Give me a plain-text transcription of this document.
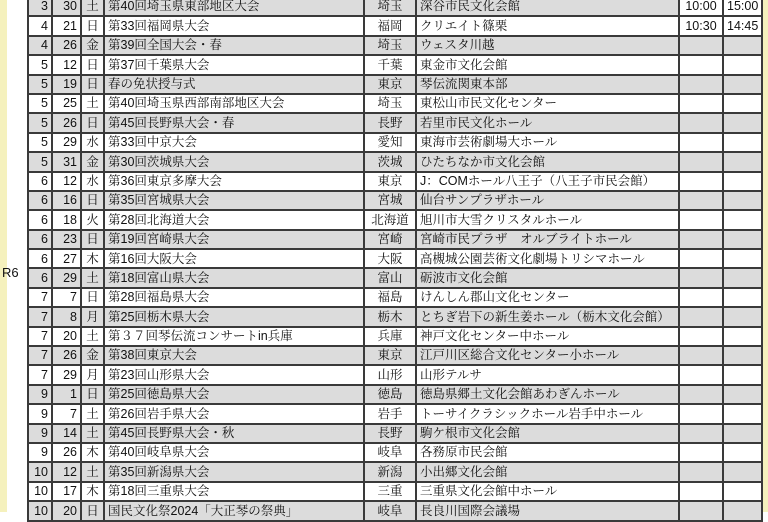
R6
3	30	土	第40回埼玉県東部地区大会	埼玉	深谷市民文化会館	10:00	15:00
4	21	日	第33回福岡県大会	福岡	クリエイト篠栗	10:30	14:45
4	26	金	第39回全国大会・春	埼玉	ウェスタ川越		
5	12	日	第37回千葉県大会	千葉	東金市文化会館		
5	19	日	春の免状授与式	東京	琴伝流関東本部		
5	25	土	第40回埼玉県西部南部地区大会	埼玉	東松山市民文化センター		
5	26	日	第45回長野県大会・春	長野	若里市民文化ホール		
5	29	水	第33回中京大会	愛知	東海市芸術劇場大ホール		
5	31	金	第30回茨城県大会	茨城	ひたちなか市文化会館		
6	12	水	第36回東京多摩大会	東京	J：COMホール八王子（八王子市民会館）		
6	16	日	第35回宮城県大会	宮城	仙台サンプラザホール		
6	18	火	第28回北海道大会	北海道	旭川市大雪クリスタルホール		
6	23	日	第19回宮崎県大会	宮崎	宮崎市民プラザ　オルブライトホール		
6	27	木	第16回大阪大会	大阪	高槻城公園芸術文化劇場トリシマホール		
6	29	土	第18回富山県大会	富山	砺波市文化会館		
7	7	日	第28回福島県大会	福島	けんしん郡山文化センター		
7	8	月	第25回栃木県大会	栃木	とちぎ岩下の新生姜ホール（栃木文化会館）		
7	20	土	第３７回琴伝流コンサートin兵庫	兵庫	神戸文化センター中ホール		
7	26	金	第38回東京大会	東京	江戸川区総合文化センター小ホール		
7	29	月	第23回山形県大会	山形	山形テルサ		
9	1	日	第25回徳島県大会	徳島	徳島県郷土文化会館あわぎんホール		
9	7	土	第26回岩手県大会	岩手	トーサイクラシックホール岩手中ホール		
9	14	土	第45回長野県大会・秋	長野	駒ケ根市文化会館		
9	26	木	第40回岐阜県大会	岐阜	各務原市民会館		
10	12	土	第35回新潟県大会	新潟	小出郷文化会館		
10	17	木	第18回三重県大会	三重	三重県文化会館中ホール		
10	20	日	国民文化祭2024「大正琴の祭典」	岐阜	長良川国際会議場		
